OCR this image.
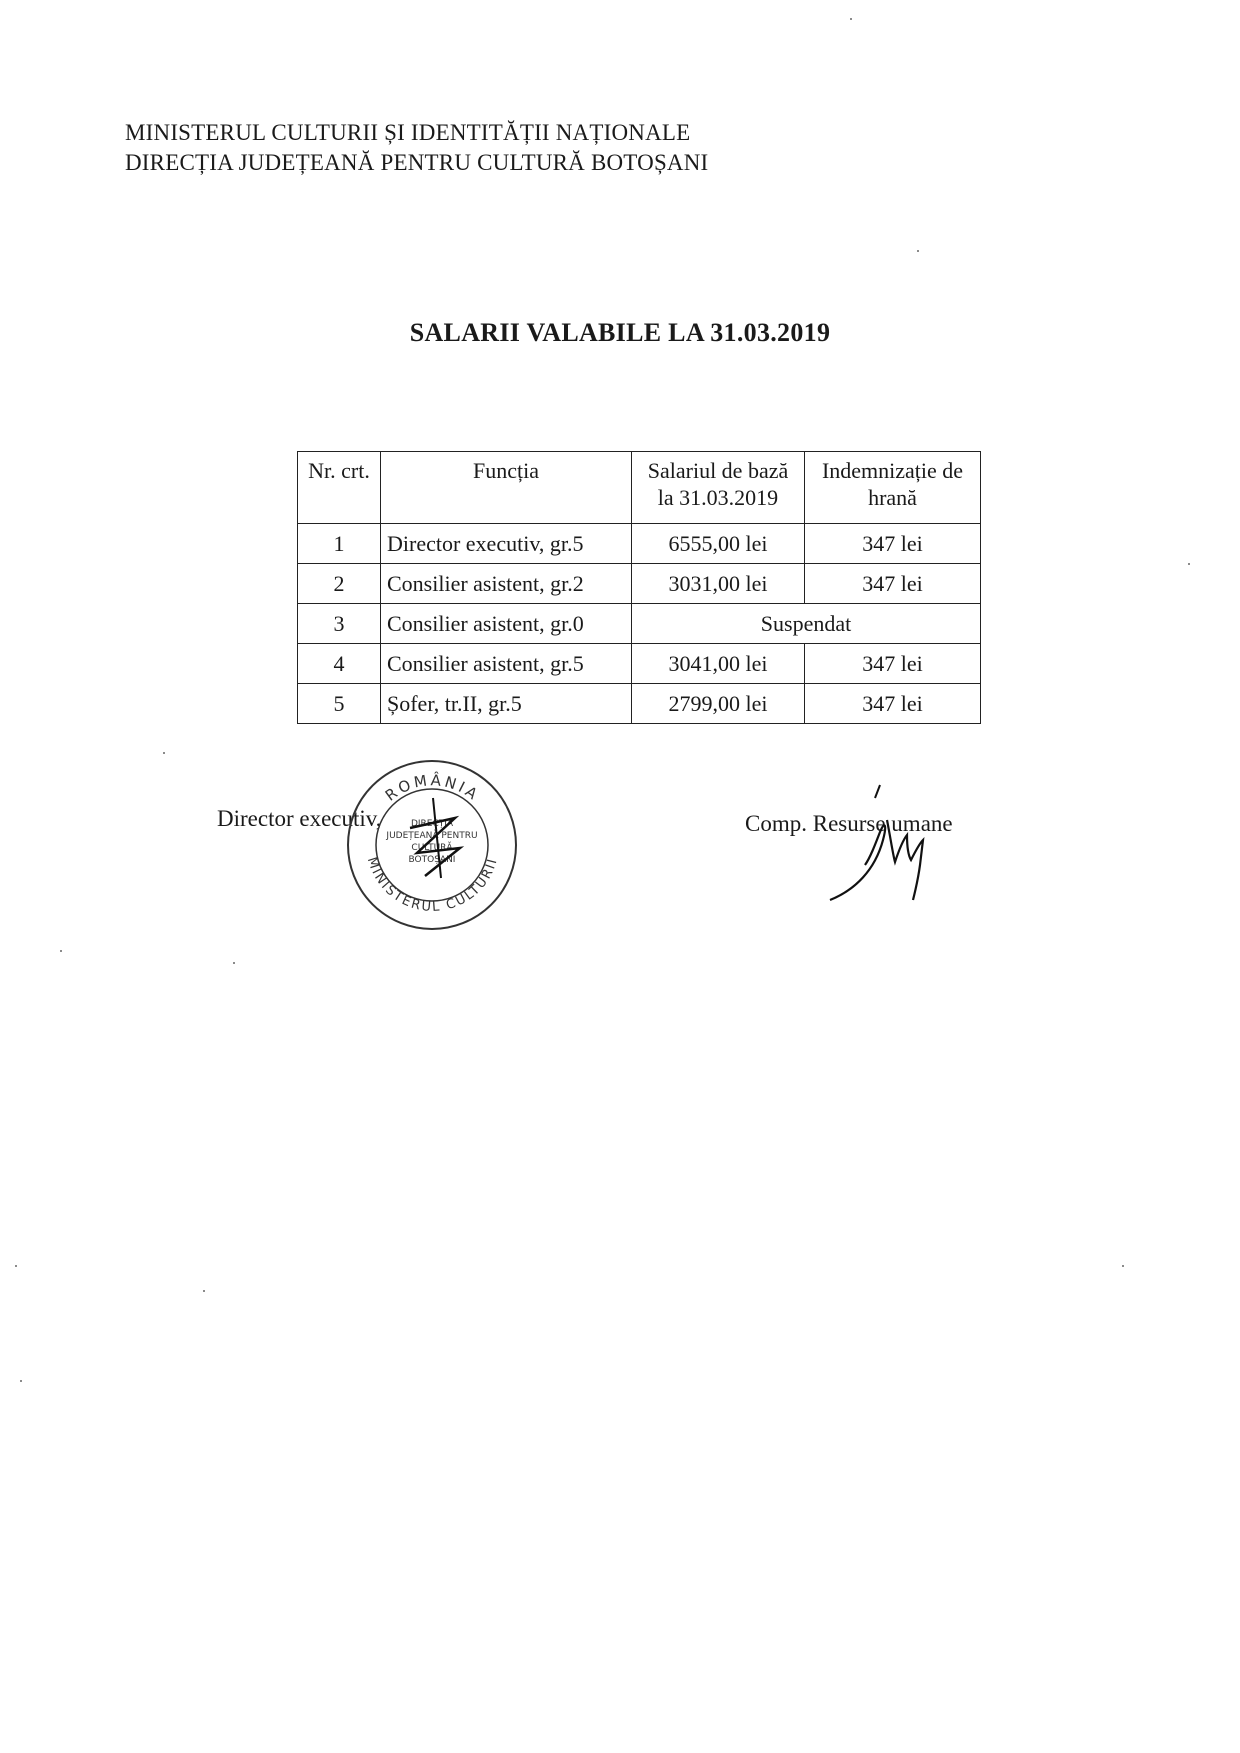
MINISTERUL CULTURII ȘI IDENTITĂȚII NAȚIONALE
DIRECȚIA JUDEȚEANĂ PENTRU CULTURĂ BOTOȘANI
SALARII VALABILE LA 31.03.2019
Nr. crt.	Funcția	Salariul de bază la 31.03.2019	Indemnizație de hrană
1	Director executiv, gr.5	6555,00 lei	347 lei
2	Consilier asistent, gr.2	3031,00 lei	347 lei
3	Consilier asistent, gr.0	Suspendat	
4	Consilier asistent, gr.5	3041,00 lei	347 lei
5	Șofer, tr.II, gr.5	2799,00 lei	347 lei
Director executiv,	Comp. Resurse umane
ROMÂNIA
MINISTERUL CULTURII
DIRECȚIA
JUDEȚEANĂ PENTRU
CULTURĂ
BOTOȘANI
